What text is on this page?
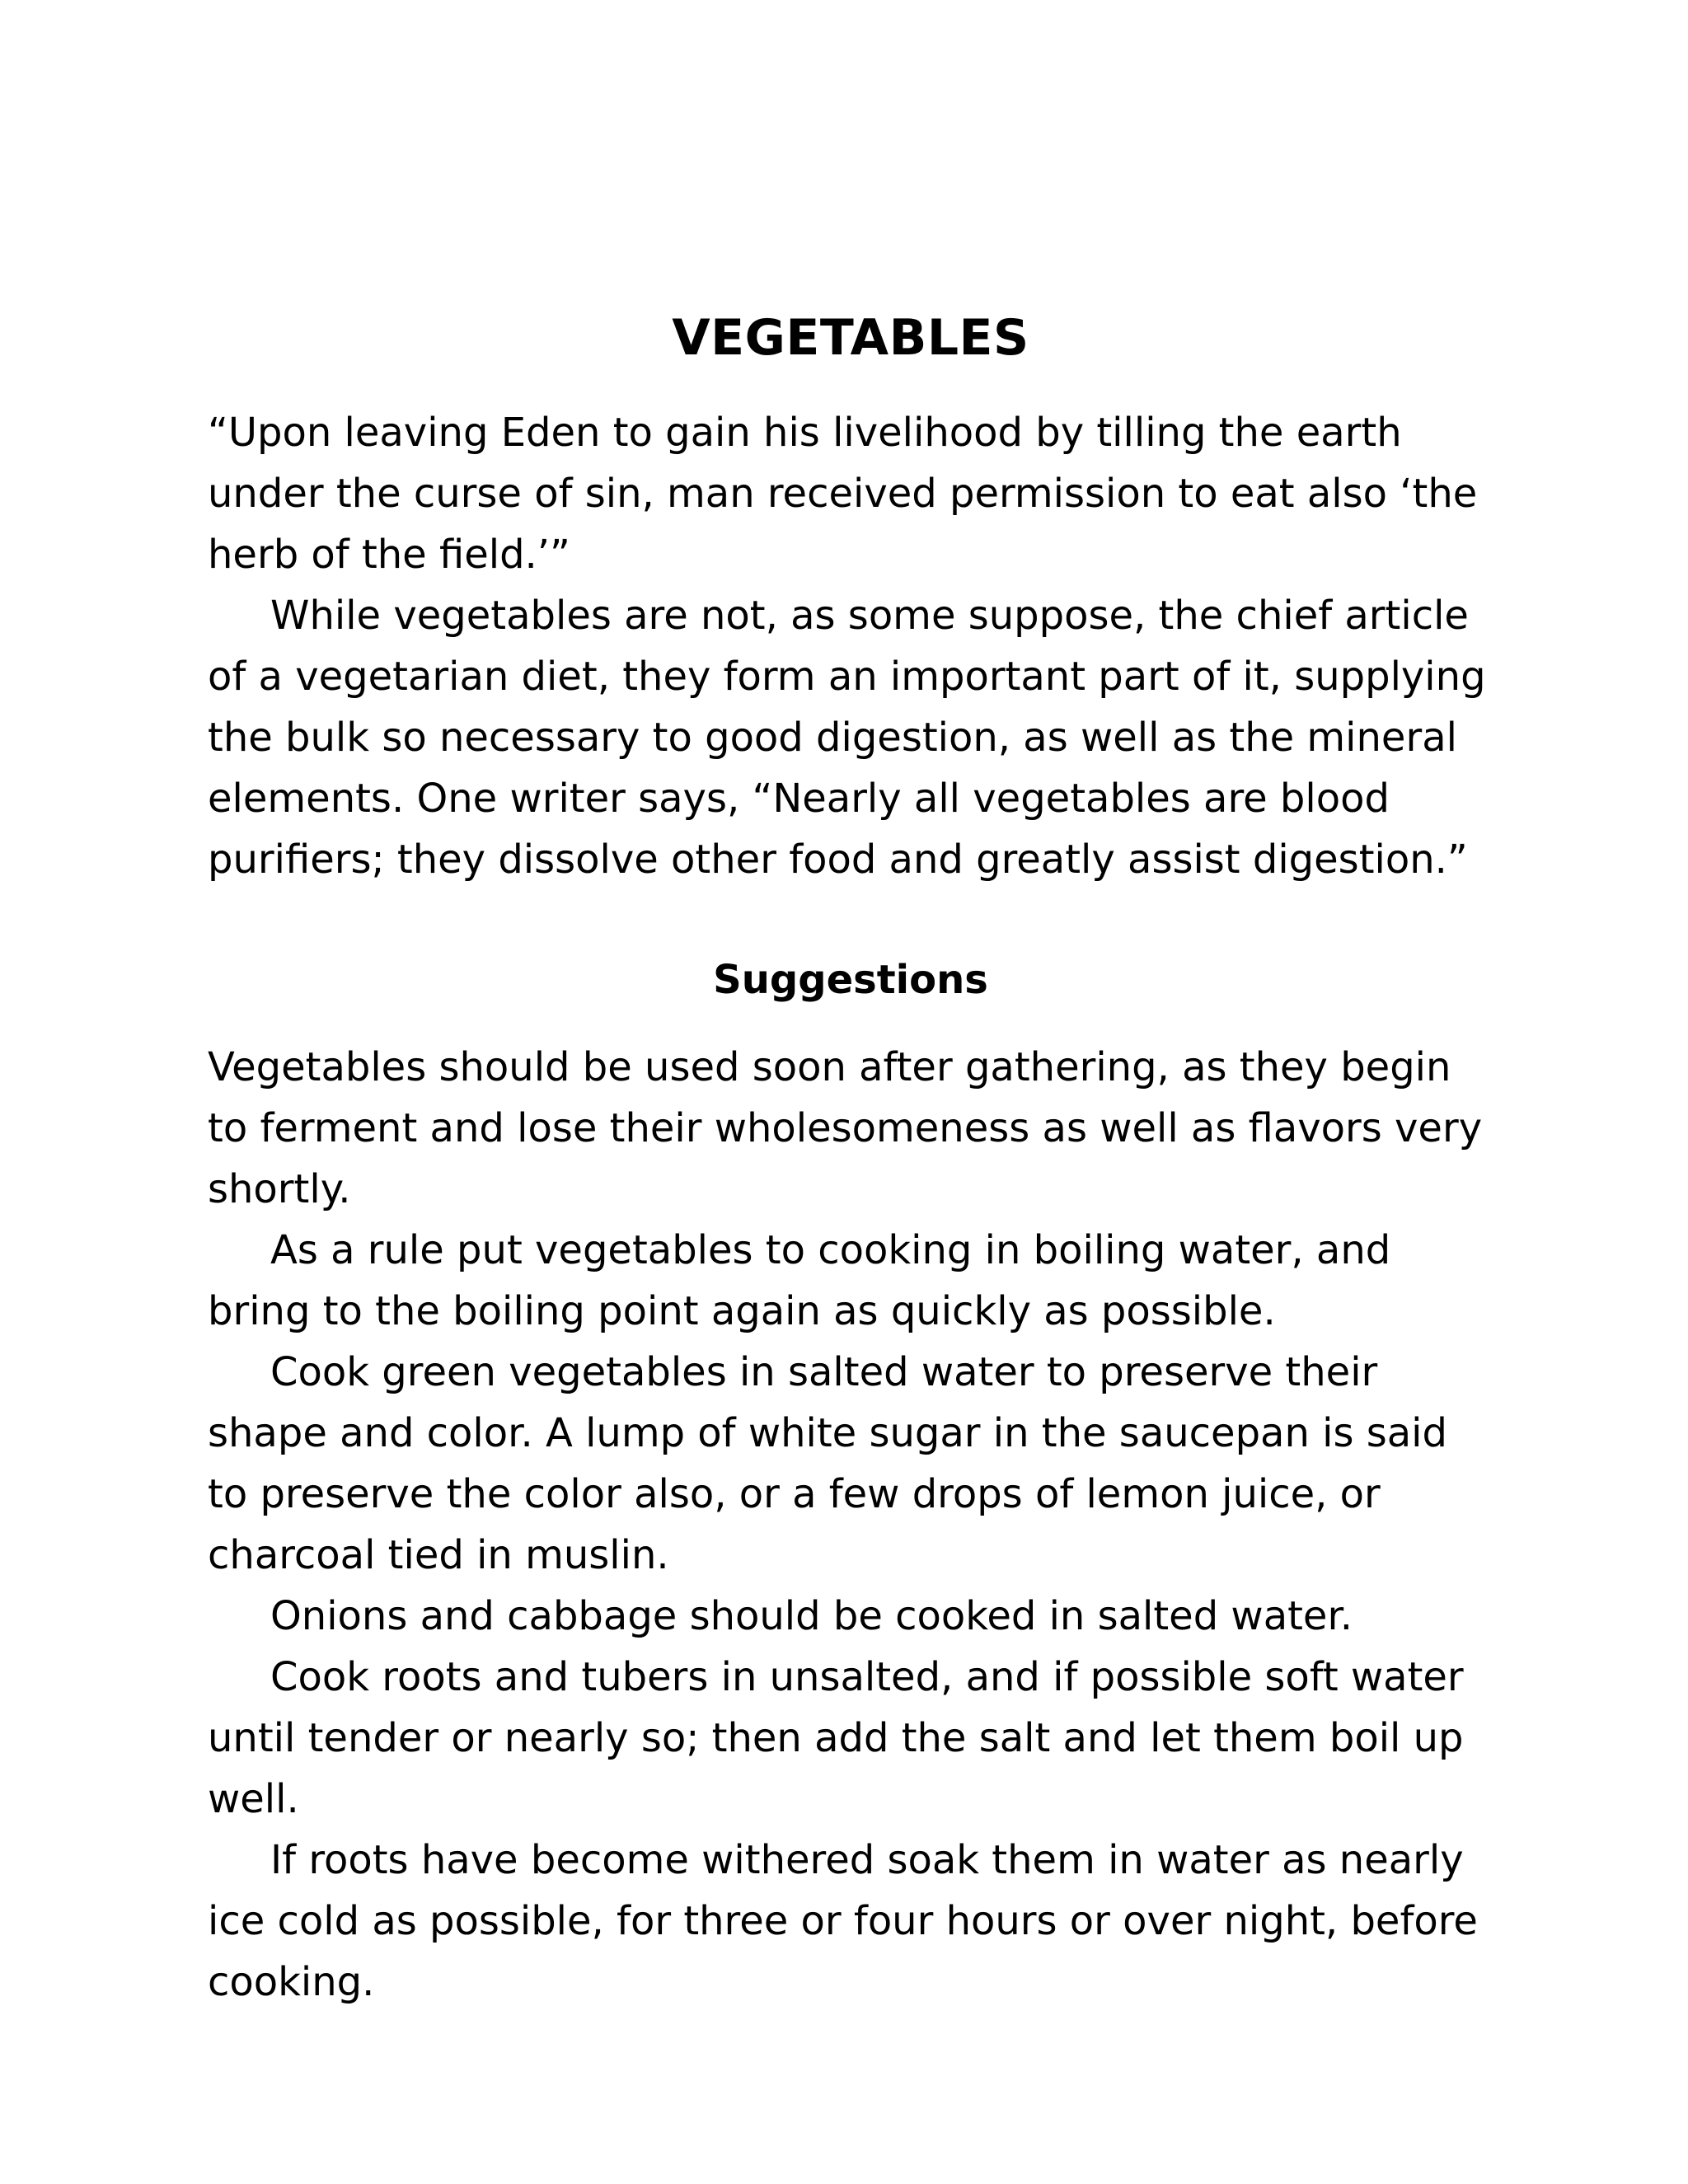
VEGETABLES

“Upon leaving Eden to gain his livelihood by tilling the earth under the curse of sin, man received permission to eat also ‘the herb of the field.’”

While vegetables are not, as some suppose, the chief article of a vegetarian diet, they form an important part of it, supplying the bulk so necessary to good digestion, as well as the mineral elements. One writer says, “Nearly all vegetables are blood purifiers; they dissolve other food and greatly assist digestion.”

Suggestions

Vegetables should be used soon after gathering, as they begin to ferment and lose their wholesomeness as well as flavors very shortly.

As a rule put vegetables to cooking in boiling water, and bring to the boiling point again as quickly as possible.

Cook green vegetables in salted water to preserve their shape and color. A lump of white sugar in the saucepan is said to preserve the color also, or a few drops of lemon juice, or charcoal tied in muslin.

Onions and cabbage should be cooked in salted water.

Cook roots and tubers in unsalted, and if possible soft water until tender or nearly so; then add the salt and let them boil up well.

If roots have become withered soak them in water as nearly ice cold as possible, for three or four hours or over night, before cooking.
